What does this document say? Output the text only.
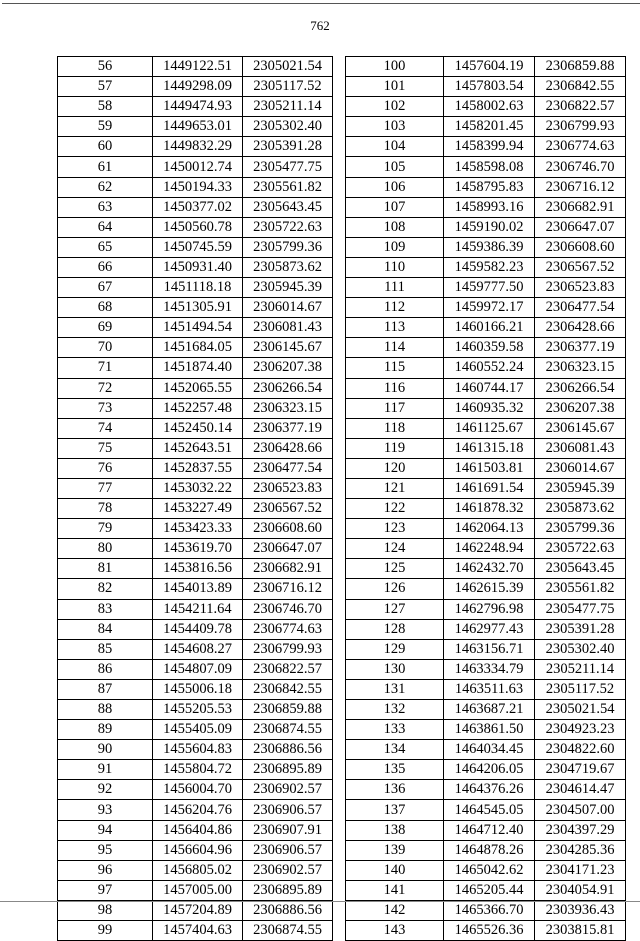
762
56	1449122.51	2305021.54
57	1449298.09	2305117.52
58	1449474.93	2305211.14
59	1449653.01	2305302.40
60	1449832.29	2305391.28
61	1450012.74	2305477.75
62	1450194.33	2305561.82
63	1450377.02	2305643.45
64	1450560.78	2305722.63
65	1450745.59	2305799.36
66	1450931.40	2305873.62
67	1451118.18	2305945.39
68	1451305.91	2306014.67
69	1451494.54	2306081.43
70	1451684.05	2306145.67
71	1451874.40	2306207.38
72	1452065.55	2306266.54
73	1452257.48	2306323.15
74	1452450.14	2306377.19
75	1452643.51	2306428.66
76	1452837.55	2306477.54
77	1453032.22	2306523.83
78	1453227.49	2306567.52
79	1453423.33	2306608.60
80	1453619.70	2306647.07
81	1453816.56	2306682.91
82	1454013.89	2306716.12
83	1454211.64	2306746.70
84	1454409.78	2306774.63
85	1454608.27	2306799.93
86	1454807.09	2306822.57
87	1455006.18	2306842.55
88	1455205.53	2306859.88
89	1455405.09	2306874.55
90	1455604.83	2306886.56
91	1455804.72	2306895.89
92	1456004.70	2306902.57
93	1456204.76	2306906.57
94	1456404.86	2306907.91
95	1456604.96	2306906.57
96	1456805.02	2306902.57
97	1457005.00	2306895.89
98	1457204.89	2306886.56
99	1457404.63	2306874.55
100	1457604.19	2306859.88
101	1457803.54	2306842.55
102	1458002.63	2306822.57
103	1458201.45	2306799.93
104	1458399.94	2306774.63
105	1458598.08	2306746.70
106	1458795.83	2306716.12
107	1458993.16	2306682.91
108	1459190.02	2306647.07
109	1459386.39	2306608.60
110	1459582.23	2306567.52
111	1459777.50	2306523.83
112	1459972.17	2306477.54
113	1460166.21	2306428.66
114	1460359.58	2306377.19
115	1460552.24	2306323.15
116	1460744.17	2306266.54
117	1460935.32	2306207.38
118	1461125.67	2306145.67
119	1461315.18	2306081.43
120	1461503.81	2306014.67
121	1461691.54	2305945.39
122	1461878.32	2305873.62
123	1462064.13	2305799.36
124	1462248.94	2305722.63
125	1462432.70	2305643.45
126	1462615.39	2305561.82
127	1462796.98	2305477.75
128	1462977.43	2305391.28
129	1463156.71	2305302.40
130	1463334.79	2305211.14
131	1463511.63	2305117.52
132	1463687.21	2305021.54
133	1463861.50	2304923.23
134	1464034.45	2304822.60
135	1464206.05	2304719.67
136	1464376.26	2304614.47
137	1464545.05	2304507.00
138	1464712.40	2304397.29
139	1464878.26	2304285.36
140	1465042.62	2304171.23
141	1465205.44	2304054.91
142	1465366.70	2303936.43
143	1465526.36	2303815.81
